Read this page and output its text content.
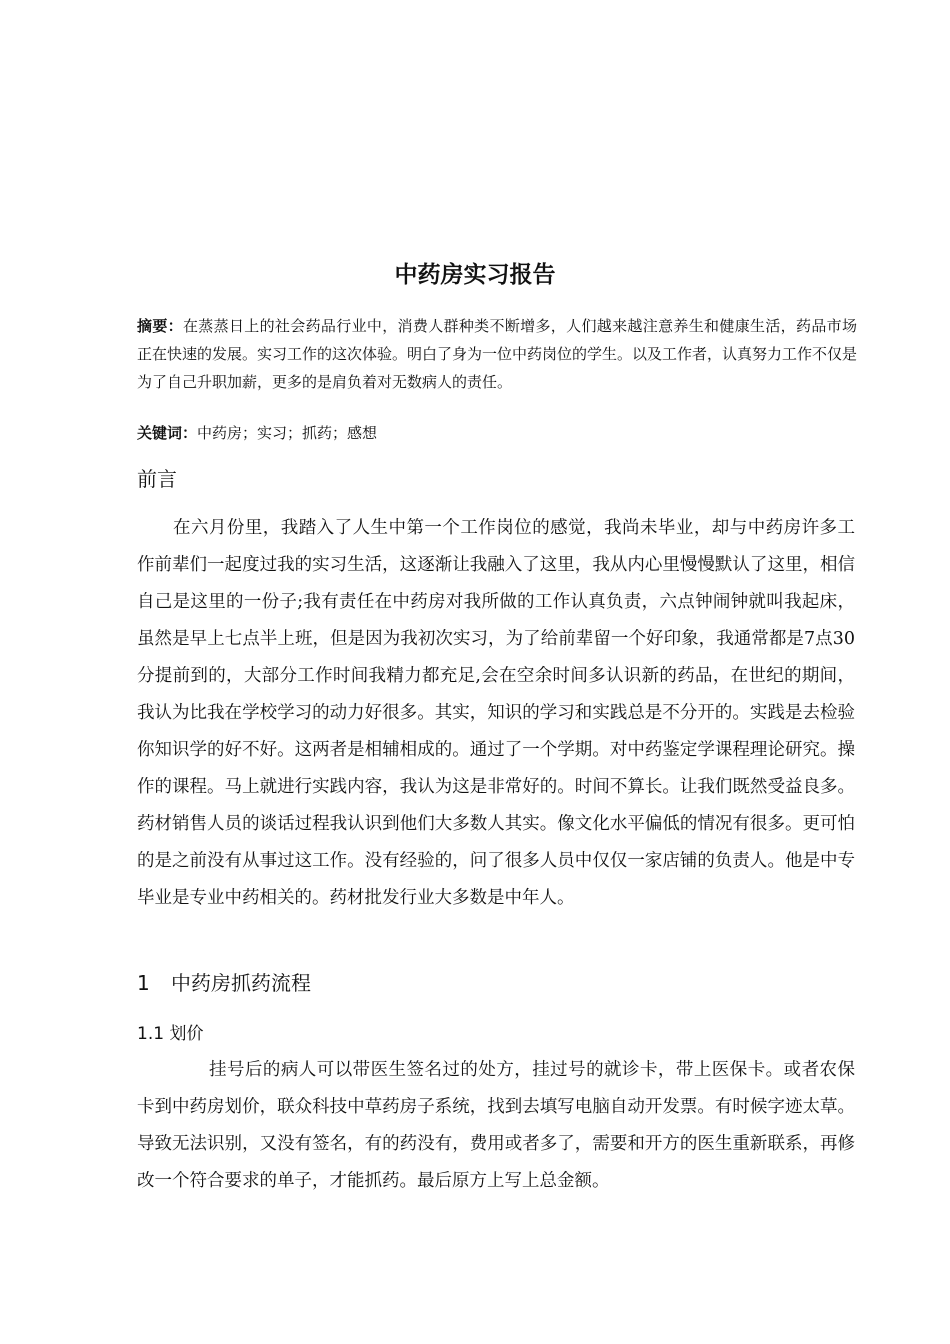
中药房实习报告

摘要：在蒸蒸日上的社会药品行业中，消费人群种类不断增多，人们越来越注意养生和健康生活，药品市场正在快速的发展。实习工作的这次体验。明白了身为一位中药岗位的学生。以及工作者，认真努力工作不仅是为了自己升职加薪，更多的是肩负着对无数病人的责任。

关键词：中药房；实习；抓药；感想

前言

在六月份里，我踏入了人生中第一个工作岗位的感觉，我尚未毕业，却与中药房许多工作前辈们一起度过我的实习生活，这逐渐让我融入了这里，我从内心里慢慢默认了这里，相信自己是这里的一份子;我有责任在中药房对我所做的工作认真负责，六点钟闹钟就叫我起床， 虽然是早上七点半上班，但是因为我初次实习，为了给前辈留一个好印象，我通常都是7点30分提前到的，大部分工作时间我精力都充足,会在空余时间多认识新的药品，在世纪的期间，我认为比我在学校学习的动力好很多。其实，知识的学习和实践总是不分开的。实践是去检验你知识学的好不好。这两者是相辅相成的。通过了一个学期。对中药鉴定学课程理论研究。操作的课程。马上就进行实践内容，我认为这是非常好的。时间不算长。让我们既然受益良多。药材销售人员的谈话过程我认识到他们大多数人其实。像文化水平偏低的情况有很多。更可怕的是之前没有从事过这工作。没有经验的，问了很多人员中仅仅一家店铺的负责人。他是中专毕业是专业中药相关的。药材批发行业大多数是中年人。

1 中药房抓药流程
1.1 划价

挂号后的病人可以带医生签名过的处方，挂过号的就诊卡，带上医保卡。或者农保卡到中药房划价，联众科技中草药房子系统，找到去填写电脑自动开发票。有时候字迹太草。导致无法识别，又没有签名，有的药没有，费用或者多了，需要和开方的医生重新联系，再修改一个符合要求的单子，才能抓药。最后原方上写上总金额。
